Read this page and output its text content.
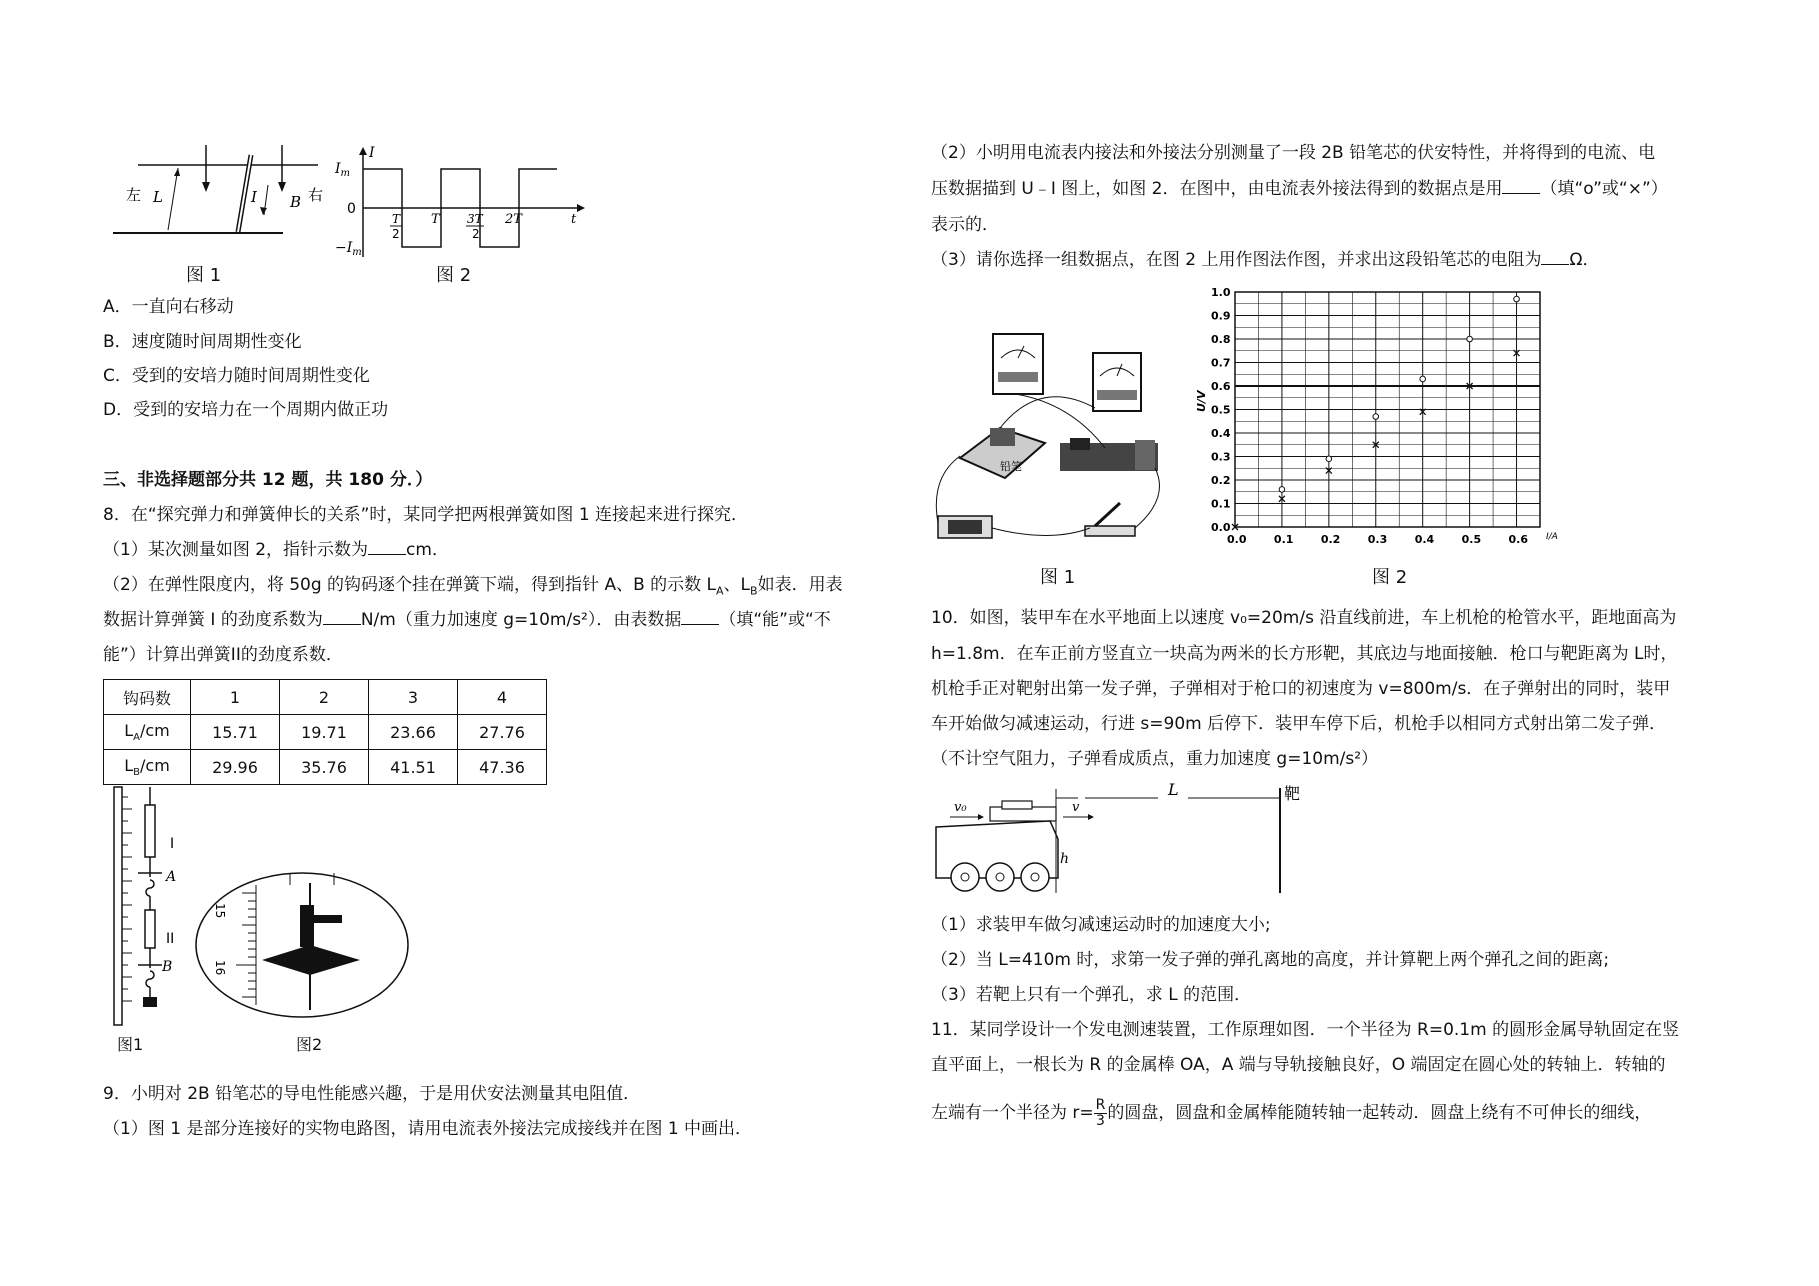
左	右
L	I B
图 1
I
$I_m$
0
$-I_m$
T
2
T 3T
2
2T	t
图 2
A．一直向右移动
B．速度随时间周期性变化
C．受到的安培力随时间周期性变化
D．受到的安培力在一个周期内做正功
三、非选择题部分共 12 题，共 180 分．）
8．在“探究弹力和弹簧伸长的关系”时，某同学把两根弹簧如图 1 连接起来进行探究．
（1）某次测量如图 2，指针示数为 cm．
（2）在弹性限度内，将 50g 的钩码逐个挂在弹簧下端，得到指针 A、B 的示数 $L_A$、$L_B$如表．用表
数据计算弹簧 I 的劲度系数为 N/m（重力加速度 g=10m/s²）．由表数据 （填“能”或“不
能”）计算出弹簧II的劲度系数．
钩码数	1	2	3	4
$L_A/cm$	15.71	19.71	23.66	27.76
$L_B/cm$	29.96	35.76	41.51	47.36
I
A
II
B
图1
15
16
图2
9．小明对 2B 铅笔芯的导电性能感兴趣，于是用伏安法测量其电阻值．
（1）图 1 是部分连接好的实物电路图，请用电流表外接法完成接线并在图 1 中画出．
（2）小明用电流表内接法和外接法分别测量了一段 2B 铅笔芯的伏安特性，并将得到的电流、电
压数据描到 U﹣I 图上，如图 2．在图中，由电流表外接法得到的数据点是用 （填“o”或“×”）
表示的．
（3）请你选择一组数据点，在图 2 上用作图法作图，并求出这段铅笔芯的电阻为 Ω．
铅笔
图 1
0.0 0.1 0.2 0.3 0.4 0.5 0.6
0.0
0.1
0.2
0.3
0.4
0.5
0.6
0.7
0.8
0.9
1.0
I/A
U/V
图 2
10．如图，装甲车在水平地面上以速度 v₀=20m/s 沿直线前进，车上机枪的枪管水平，距地面高为
h=1.8m．在车正前方竖直立一块高为两米的长方形靶，其底边与地面接触．枪口与靶距离为 L时，
机枪手正对靶射出第一发子弹，子弹相对于枪口的初速度为 v=800m/s．在子弹射出的同时，装甲
车开始做匀减速运动，行进 s=90m 后停下．装甲车停下后，机枪手以相同方式射出第二发子弹．
（不计空气阻力，子弹看成质点，重力加速度 g=10m/s²）
L	靶
v₀	v
h
（1）求装甲车做匀减速运动时的加速度大小;
（2）当 L=410m 时，求第一发子弹的弹孔离地的高度，并计算靶上两个弹孔之间的距离;
（3）若靶上只有一个弹孔，求 L 的范围．
11．某同学设计一个发电测速装置，工作原理如图．一个半径为 R=0.1m 的圆形金属导轨固定在竖
直平面上，一根长为 R 的金属棒 OA，A 端与导轨接触良好，O 端固定在圆心处的转轴上．转轴的
左端有一个半径为 $r= \frac{R}{3}$ 的圆盘，圆盘和金属棒能随转轴一起转动．圆盘上绕有不可伸长的细线，
